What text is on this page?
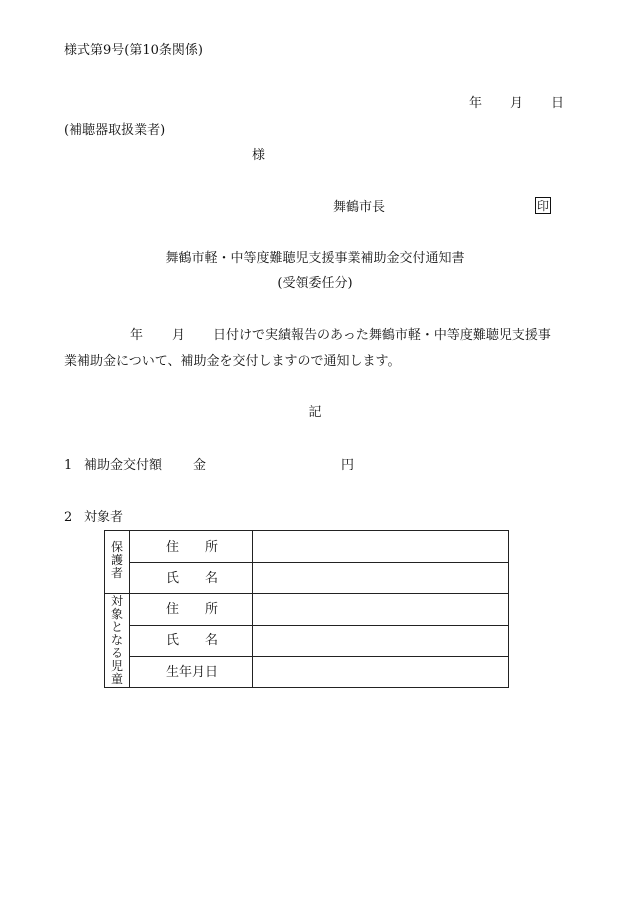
様式第9号(第10条関係)
年 月 日
(補聴器取扱業者)
様
舞鶴市長	印
舞鶴市軽・中等度難聴児支援事業補助金交付通知書
(受領委任分)
年 月 日付けで実績報告のあった舞鶴市軽・中等度難聴児支援事
業補助金について、補助金を交付しますので通知します。
記
1 補助金交付額 金	円
2 対象者
保
護
者
対
象
と
な
る
児
童
住　　所
氏　　名
住　　所
氏　　名
生年月日
